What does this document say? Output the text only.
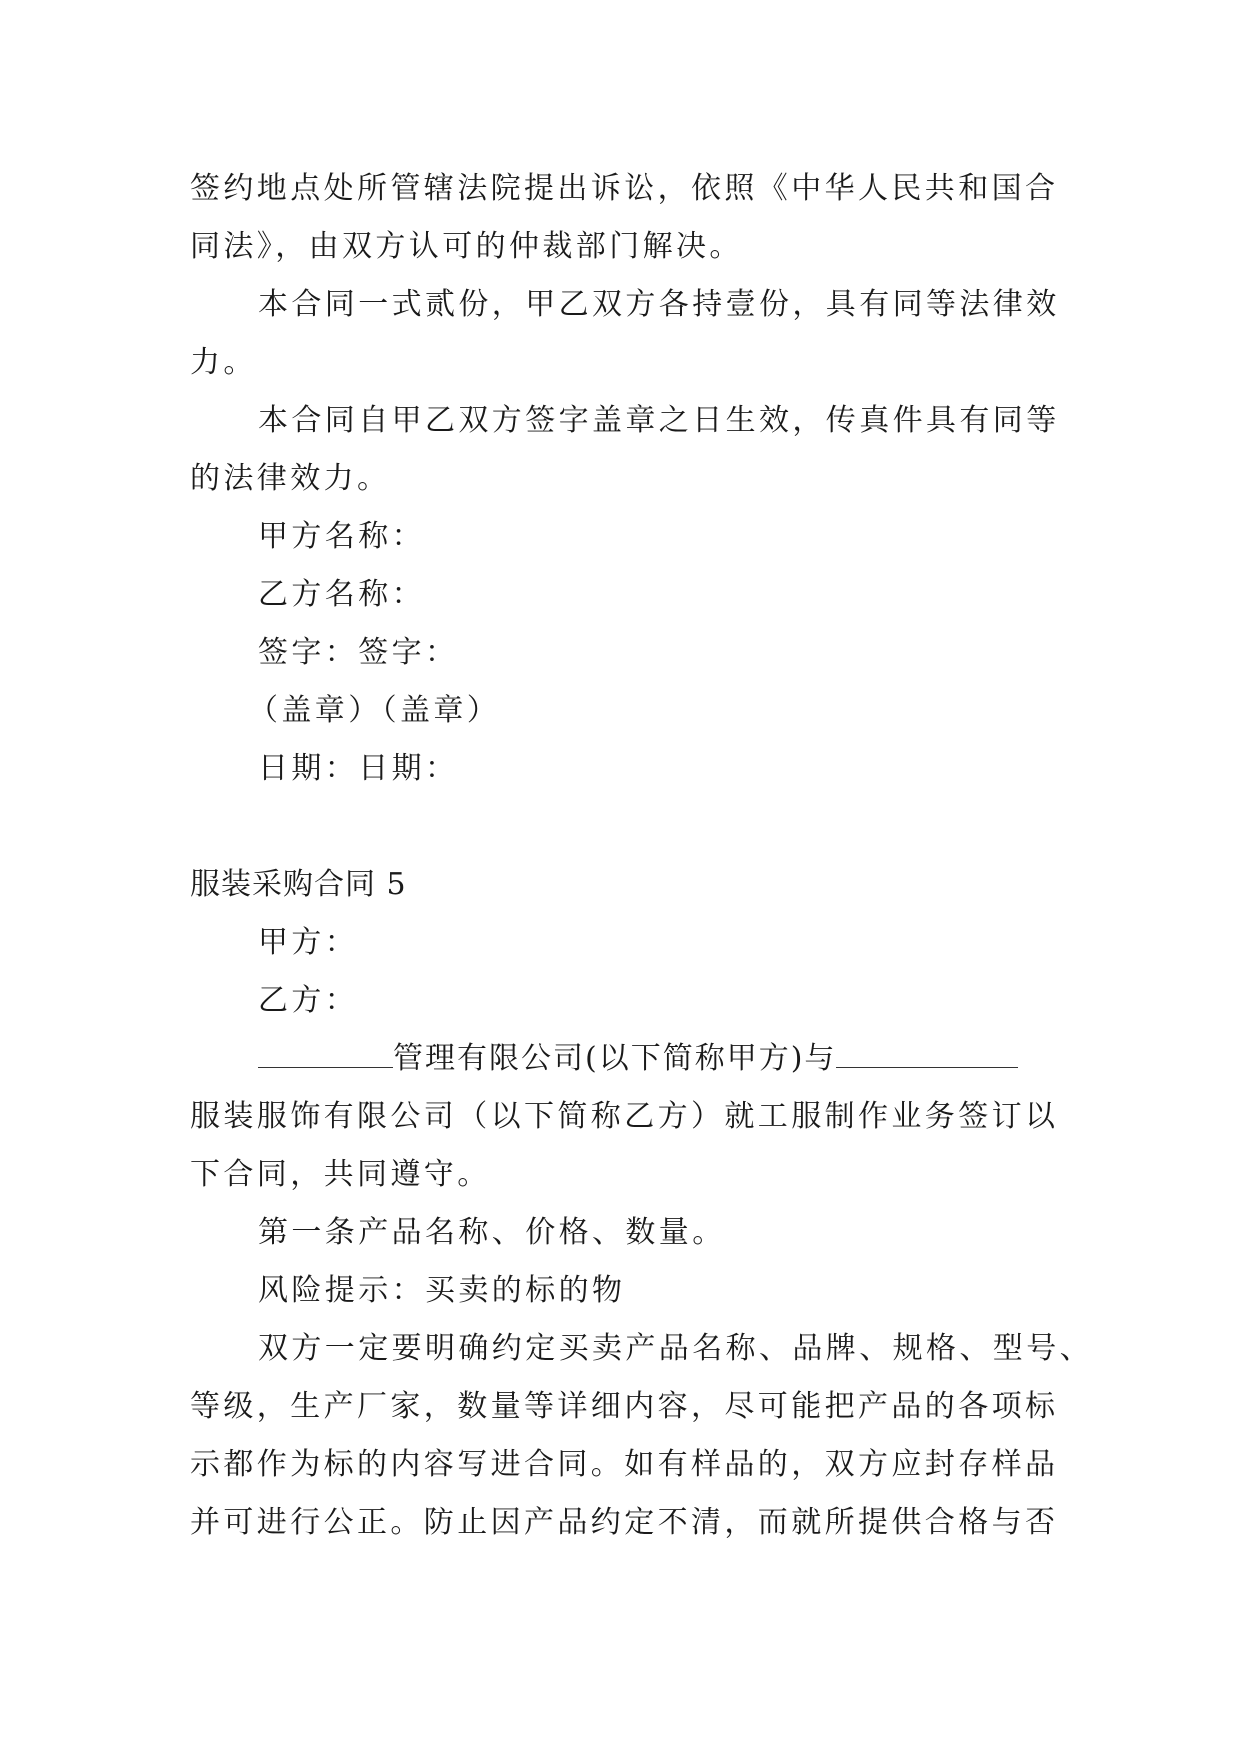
签约地点处所管辖法院提出诉讼，依照《中华人民共和国合

同法》，由双方认可的仲裁部门解决。

本合同一式贰份，甲乙双方各持壹份，具有同等法律效

力。

本合同自甲乙双方签字盖章之日生效，传真件具有同等

的法律效力。

甲方名称：

乙方名称：

签字：签字：

（盖章）（盖章）

日期：日期：

服装采购合同 5

甲方：

乙方：

管理有限公司(以下简称甲方)与

服装服饰有限公司（以下简称乙方）就工服制作业务签订以

下合同，共同遵守。

第一条产品名称、价格、数量。

风险提示：买卖的标的物

双方一定要明确约定买卖产品名称、品牌、规格、型号、

等级，生产厂家，数量等详细内容，尽可能把产品的各项标

示都作为标的内容写进合同。如有样品的，双方应封存样品

并可进行公正。防止因产品约定不清，而就所提供合格与否
